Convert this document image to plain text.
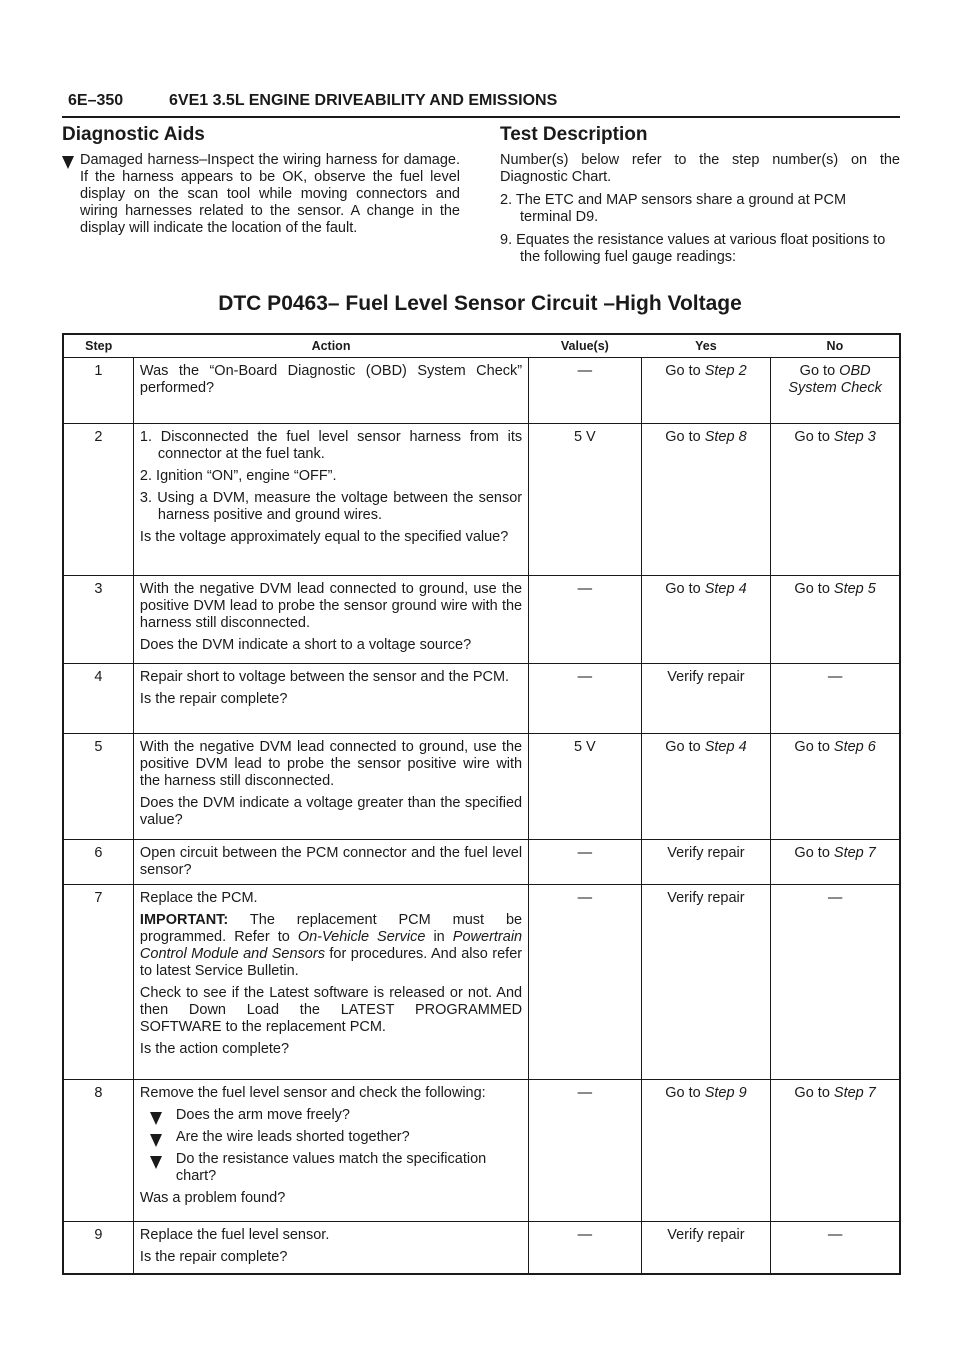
6E–350	6VE1 3.5L ENGINE DRIVEABILITY AND EMISSIONS
Diagnostic Aids

Damaged harness–Inspect the wiring harness for damage. If the harness appears to be OK, observe the fuel level display on the scan tool while moving connectors and wiring harnesses related to the sensor. A change in the display will indicate the location of the fault.

Test Description

Number(s) below refer to the step number(s) on the Diagnostic Chart.

2. The ETC and MAP sensors share a ground at PCM terminal D9.

9. Equates the resistance values at various float positions to the following fuel gauge readings:

DTC P0463– Fuel Level Sensor Circuit –High Voltage
Step	Action	Value(s)	Yes	No
1	Was the “On-Board Diagnostic (OBD) System Check” performed?	—	Go to Step 2	Go to OBD System Check
2	1. Disconnected the fuel level sensor harness from its connector at the fuel tank.
2. Ignition “ON”, engine “OFF”.
3. Using a DVM, measure the voltage between the sensor harness positive and ground wires.
Is the voltage approximately equal to the specified value?	5 V	Go to Step 8	Go to Step 3
3	With the negative DVM lead connected to ground, use the positive DVM lead to probe the sensor ground wire with the harness still disconnected.
Does the DVM indicate a short to a voltage source?	—	Go to Step 4	Go to Step 5
4	Repair short to voltage between the sensor and the PCM.
Is the repair complete?	—	Verify repair	—
5	With the negative DVM lead connected to ground, use the positive DVM lead to probe the sensor positive wire with the harness still disconnected.
Does the DVM indicate a voltage greater than the specified value?	5 V	Go to Step 4	Go to Step 6
6	Open circuit between the PCM connector and the fuel level sensor?	—	Verify repair	Go to Step 7
7	Replace the PCM.
IMPORTANT: The replacement PCM must be programmed. Refer to On-Vehicle Service in Powertrain Control Module and Sensors for procedures. And also refer to latest Service Bulletin.
Check to see if the Latest software is released or not. And then Down Load the LATEST PROGRAMMED SOFTWARE to the replacement PCM.
Is the action complete?	—	Verify repair	—
8	Remove the fuel level sensor and check the following:
Does the arm move freely?
Are the wire leads shorted together?
Do the resistance values match the specification chart?
Was a problem found?	—	Go to Step 9	Go to Step 7
9	Replace the fuel level sensor.
Is the repair complete?	—	Verify repair	—
